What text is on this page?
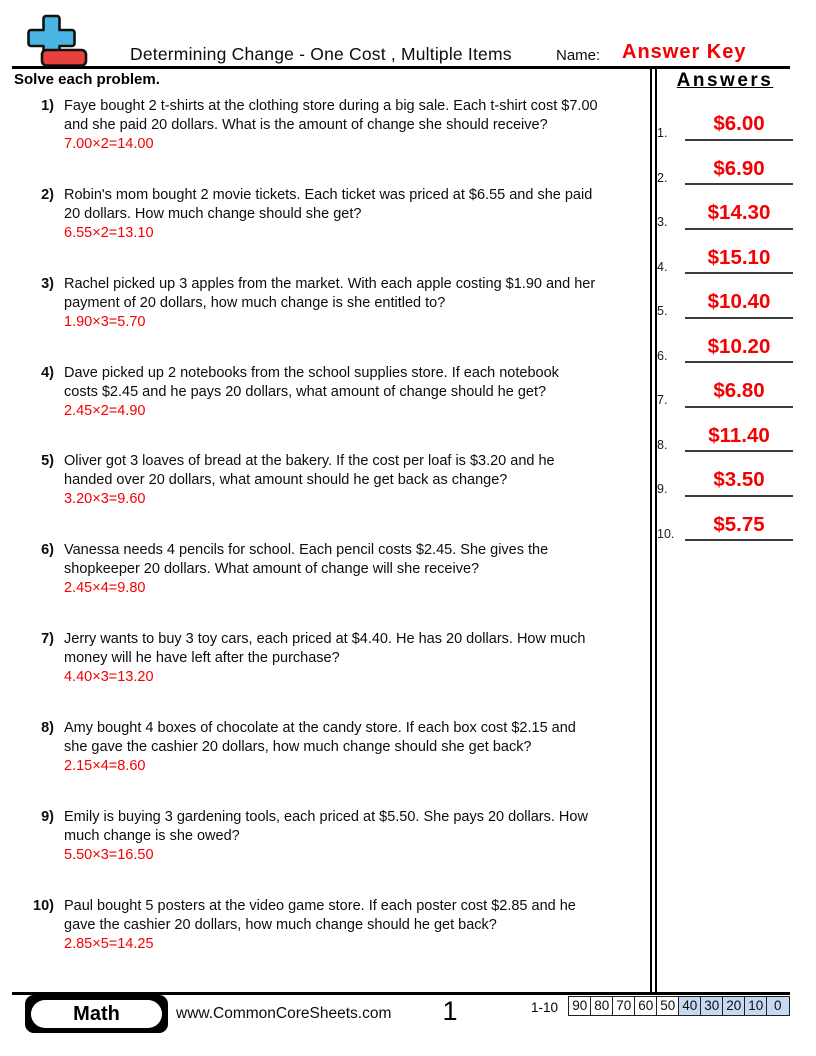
Determining Change - One Cost , Multiple Items	Name: Answer Key
Solve each problem.
1) Faye bought 2 t-shirts at the clothing store during a big sale. Each t-shirt cost $7.00
and she paid 20 dollars. What is the amount of change she should receive?
7.00×2=14.00
2) Robin's mom bought 2 movie tickets. Each ticket was priced at $6.55 and she paid
20 dollars. How much change should she get?
6.55×2=13.10
3) Rachel picked up 3 apples from the market. With each apple costing $1.90 and her
payment of 20 dollars, how much change is she entitled to?
1.90×3=5.70
4) Dave picked up 2 notebooks from the school supplies store. If each notebook
costs $2.45 and he pays 20 dollars, what amount of change should he get?
2.45×2=4.90
5) Oliver got 3 loaves of bread at the bakery. If the cost per loaf is $3.20 and he
handed over 20 dollars, what amount should he get back as change?
3.20×3=9.60
6) Vanessa needs 4 pencils for school. Each pencil costs $2.45. She gives the
shopkeeper 20 dollars. What amount of change will she receive?
2.45×4=9.80
7) Jerry wants to buy 3 toy cars, each priced at $4.40. He has 20 dollars. How much
money will he have left after the purchase?
4.40×3=13.20
8) Amy bought 4 boxes of chocolate at the candy store. If each box cost $2.15 and
she gave the cashier 20 dollars, how much change should she get back?
2.15×4=8.60
9) Emily is buying 3 gardening tools, each priced at $5.50. She pays 20 dollars. How
much change is she owed?
5.50×3=16.50
10) Paul bought 5 posters at the video game store. If each poster cost $2.85 and he
gave the cashier 20 dollars, how much change should he get back?
2.85×5=14.25
Answers
1.	$6.00
2.	$6.90
3.	$14.30
4.	$15.10
5.	$10.40
6.	$10.20
7.	$6.80
8.	$11.40
9.	$3.50
10.	$5.75
Math	www.CommonCoreSheets.com	1	1-10	90 80 70 60 50 40 30 20 10 0
